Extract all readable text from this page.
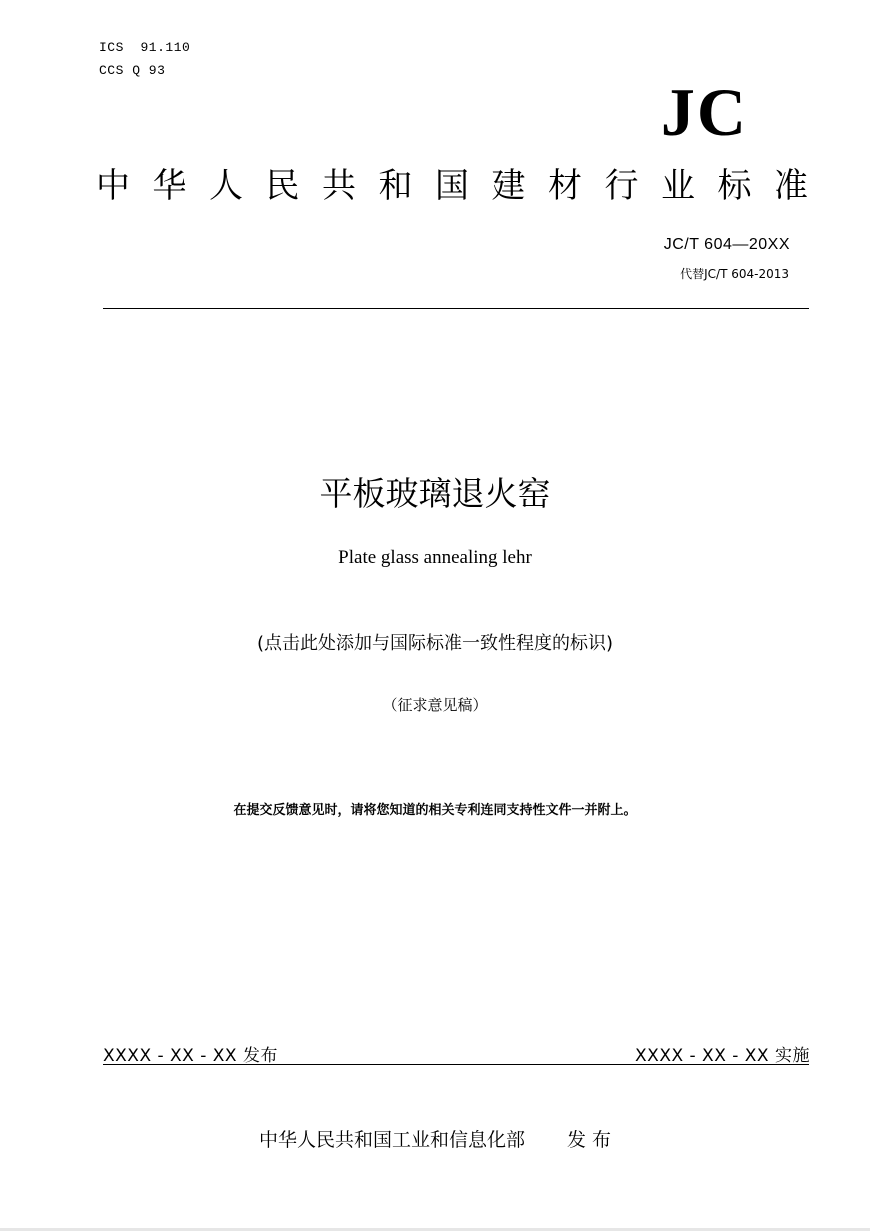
ICS  91.110
CCS Q 93
JC
中华人民共和国建材行业标准
JC/T 604—20XX
代替JC/T 604-2013
平板玻璃退火窑
Plate glass annealing lehr
(点击此处添加与国际标准一致性程度的标识)
（征求意见稿）
在提交反馈意见时，请将您知道的相关专利连同支持性文件一并附上。
XXXX - XX - XX 发布	XXXX - XX - XX 实施
中华人民共和国工业和信息化部 发 布
